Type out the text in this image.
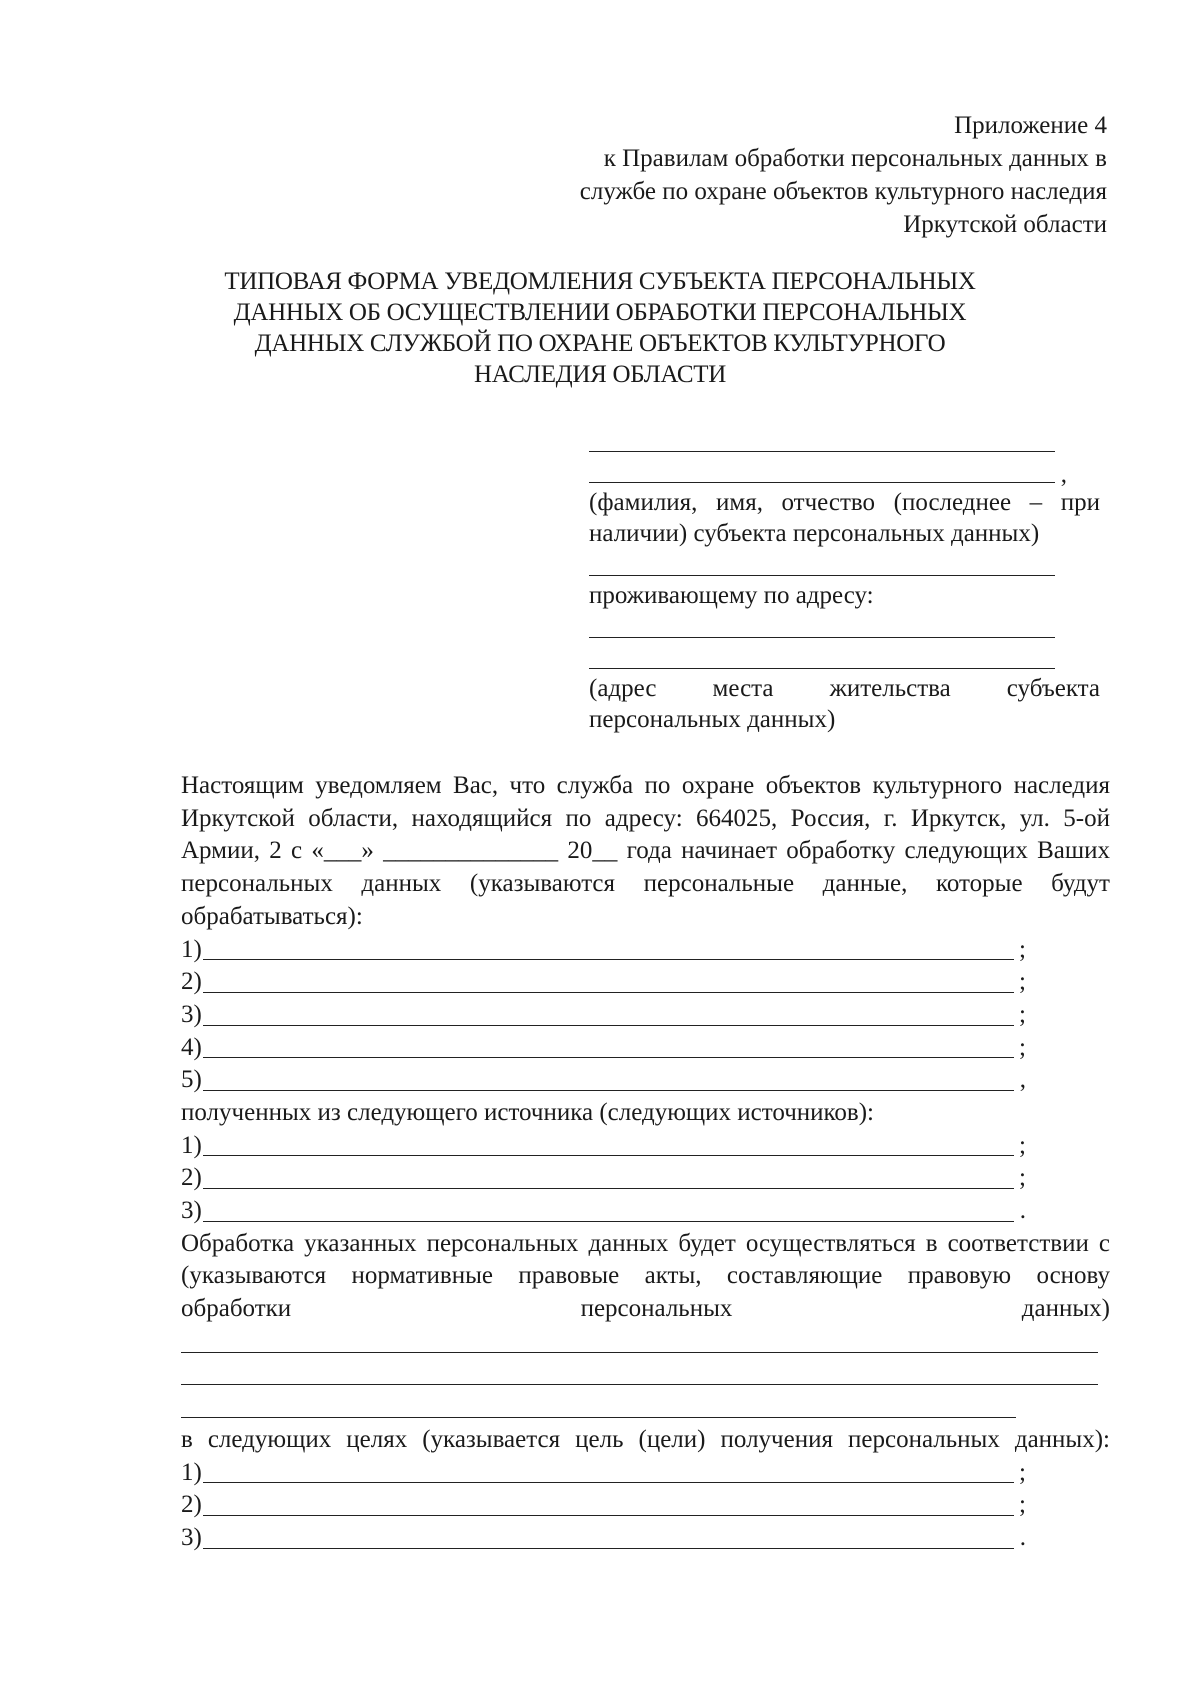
Приложение 4
к Правилам обработки персональных данных в
службе по охране объектов культурного наследия
Иркутской области
ТИПОВАЯ ФОРМА УВЕДОМЛЕНИЯ СУБЪЕКТА ПЕРСОНАЛЬНЫХ
ДАННЫХ ОБ ОСУЩЕСТВЛЕНИИ ОБРАБОТКИ ПЕРСОНАЛЬНЫХ
ДАННЫХ СЛУЖБОЙ ПО ОХРАНЕ ОБЪЕКТОВ КУЛЬТУРНОГО
НАСЛЕДИЯ ОБЛАСТИ
,
(фамилия, имя, отчество (последнее – при
наличии) субъекта персональных данных)
проживающему по адресу:
(адрес места жительства субъекта
персональных данных)
Настоящим уведомляем Вас, что служба по охране объектов культурного наследия Иркутской области, находящийся по адресу: 664025, Россия, г. Иркутск, ул. 5-ой Армии, 2 с «___» ______________ 20__ года начинает обработку следующих Ваших персональных данных (указываются персональные данные, которые будут обрабатываться):
1)	;
2)	;
3)	;
4)	;
5)	,
полученных из следующего источника (следующих источников):
1)	;
2)	;
3)	.
Обработка указанных персональных данных будет осуществляться в соответствии с (указываются нормативные правовые акты, составляющие правовую основу обработки персональных данных)
в следующих целях (указывается цель (цели) получения персональных данных):
1)	;
2)	;
3)	.
